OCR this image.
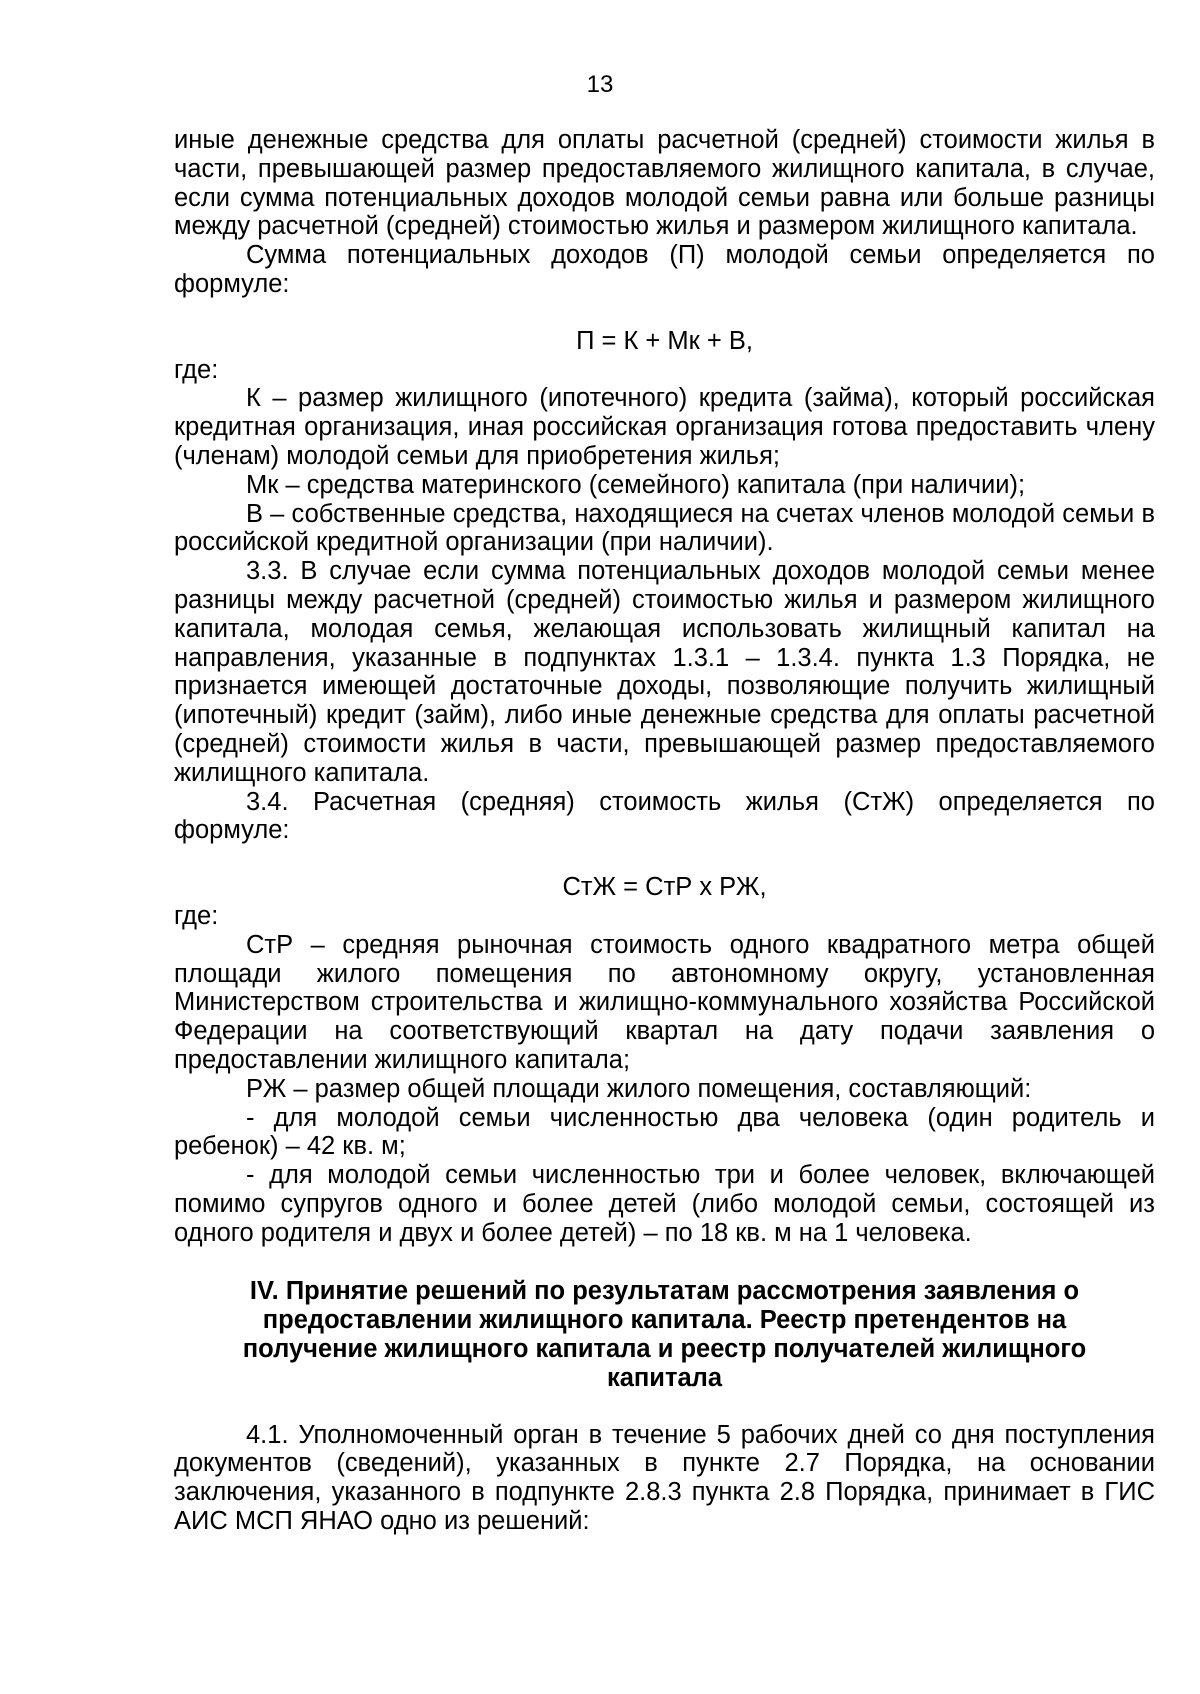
13

иные денежные средства для оплаты расчетной (средней) стоимости жилья в части, превышающей размер предоставляемого жилищного капитала, в случае, если сумма потенциальных доходов молодой семьи равна или больше разницы между расчетной (средней) стоимостью жилья и размером жилищного капитала.

Сумма потенциальных доходов (П) молодой семьи определяется по формуле:

П = К + Мк + В,

где:

К – размер жилищного (ипотечного) кредита (займа), который российская кредитная организация, иная российская организация готова предоставить члену (членам) молодой семьи для приобретения жилья;

Мк – средства материнского (семейного) капитала (при наличии);

В – собственные средства, находящиеся на счетах членов молодой семьи в российской кредитной организации (при наличии).

3.3. В случае если сумма потенциальных доходов молодой семьи менее разницы между расчетной (средней) стоимостью жилья и размером жилищного капитала, молодая семья, желающая использовать жилищный капитал на направления, указанные в подпунктах 1.3.1 – 1.3.4. пункта 1.3 Порядка, не признается имеющей достаточные доходы, позволяющие получить жилищный (ипотечный) кредит (займ), либо иные денежные средства для оплаты расчетной (средней) стоимости жилья в части, превышающей размер предоставляемого жилищного капитала.

3.4. Расчетная (средняя) стоимость жилья (СтЖ) определяется по формуле:

СтЖ = СтР х РЖ,

где:

СтР – средняя рыночная стоимость одного квадратного метра общей площади жилого помещения по автономному округу, установленная Министерством строительства и жилищно-коммунального хозяйства Российской Федерации на соответствующий квартал на дату подачи заявления о предоставлении жилищного капитала;

РЖ – размер общей площади жилого помещения, составляющий:

- для молодой семьи численностью два человека (один родитель и ребенок) – 42 кв. м;

- для молодой семьи численностью три и более человек, включающей помимо супругов одного и более детей (либо молодой семьи, состоящей из одного родителя и двух и более детей) – по 18 кв. м на 1 человека.

IV. Принятие решений по результатам рассмотрения заявления о предоставлении жилищного капитала. Реестр претендентов на получение жилищного капитала и реестр получателей жилищного капитала

4.1. Уполномоченный орган в течение 5 рабочих дней со дня поступления документов (сведений), указанных в пункте 2.7 Порядка, на основании заключения, указанного в подпункте 2.8.3 пункта 2.8 Порядка, принимает в ГИС АИС МСП ЯНАО одно из решений:
